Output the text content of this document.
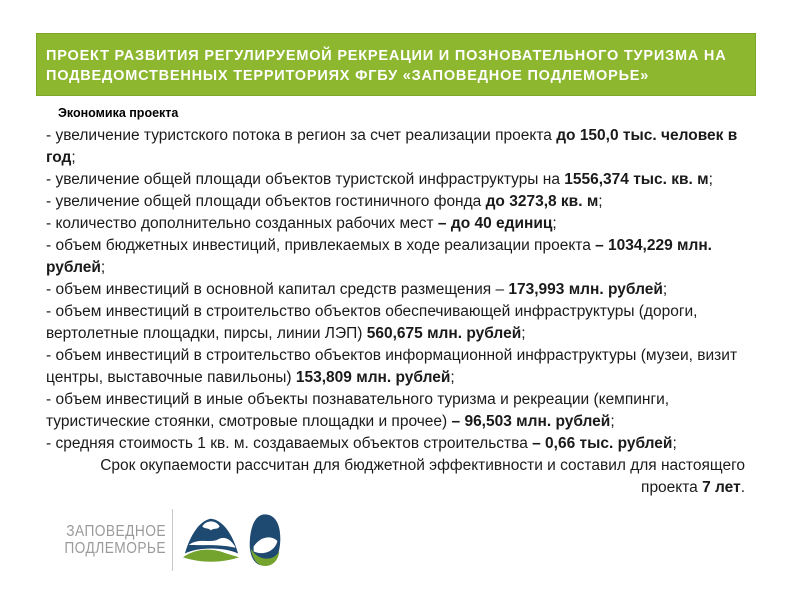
ПРОЕКТ РАЗВИТИЯ РЕГУЛИРУЕМОЙ РЕКРЕАЦИИ И ПОЗНОВАТЕЛЬНОГО ТУРИЗМА НА
ПОДВЕДОМСТВЕННЫХ ТЕРРИТОРИЯХ ФГБУ «ЗАПОВЕДНОЕ ПОДЛЕМОРЬЕ»
Экономика проекта

- увеличение туристского потока в регион за счет реализации проекта до 150,0 тыс. человек в год;

- увеличение общей площади объектов туристской инфраструктуры на 1556,374 тыс. кв. м;

- увеличение общей площади объектов гостиничного фонда до 3273,8 кв. м;

- количество дополнительно созданных рабочих мест – до 40 единиц;

- объем бюджетных инвестиций, привлекаемых в ходе реализации проекта – 1034,229 млн. рублей;

- объем инвестиций в основной капитал средств размещения – 173,993 млн. рублей;

- объем инвестиций в строительство объектов обеспечивающей инфраструктуры (дороги, вертолетные площадки, пирсы, линии ЛЭП) 560,675 млн. рублей;

- объем инвестиций в строительство объектов информационной инфраструктуры (музеи, визит центры, выставочные павильоны) 153,809 млн. рублей;

- объем инвестиций в иные объекты познавательного туризма и рекреации (кемпинги, туристические стоянки, смотровые площадки и прочее) – 96,503 млн. рублей;

- средняя стоимость 1 кв. м. создаваемых объектов строительства – 0,66 тыс. рублей;

Срок окупаемости рассчитан для бюджетной эффективности и составил для настоящего проекта 7 лет.

ЗАПОВЕДНОЕ
ПОДЛЕМОРЬЕ
